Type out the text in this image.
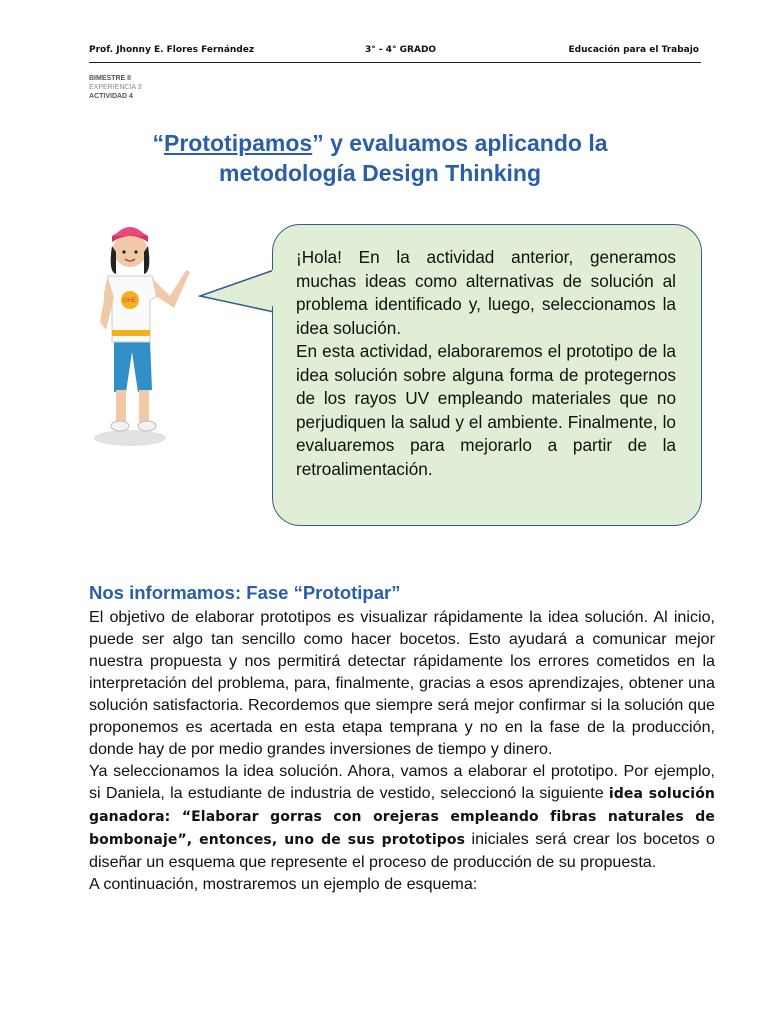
Prof. Jhonny E. Flores Fernández	3° - 4° GRADO	Educación para el Trabajo
BIMESTRE II
EXPERIENCIA 3
ACTIVIDAD 4
“Prototipamos” y evaluamos aplicando la
metodología Design Thinking
OHE

¡Hola! En la actividad anterior, generamos muchas ideas como alternativas de solución al problema identificado y, luego, seleccionamos la idea solución.

En esta actividad, elaboraremos el prototipo de la idea solución sobre alguna forma de protegernos de los rayos UV empleando materiales que no perjudiquen la salud y el ambiente. Finalmente, lo evaluaremos para mejorarlo a partir de la retroalimentación.

Nos informamos: Fase “Prototipar”

El objetivo de elaborar prototipos es visualizar rápidamente la idea solución. Al inicio, puede ser algo tan sencillo como hacer bocetos. Esto ayudará a comunicar mejor nuestra propuesta y nos permitirá detectar rápidamente los errores cometidos en la interpretación del problema, para, finalmente, gracias a esos aprendizajes, obtener una solución satisfactoria. Recordemos que siempre será mejor confirmar si la solución que proponemos es acertada en esta etapa temprana y no en la fase de la producción, donde hay de por medio grandes inversiones de tiempo y dinero.

Ya seleccionamos la idea solución. Ahora, vamos a elaborar el prototipo. Por ejemplo, si Daniela, la estudiante de industria de vestido, seleccionó la siguiente idea solución ganadora: “Elaborar gorras con orejeras empleando fibras naturales de bombonaje”, entonces, uno de sus prototipos iniciales será crear los bocetos o diseñar un esquema que represente el proceso de producción de su propuesta.

A continuación, mostraremos un ejemplo de esquema:
